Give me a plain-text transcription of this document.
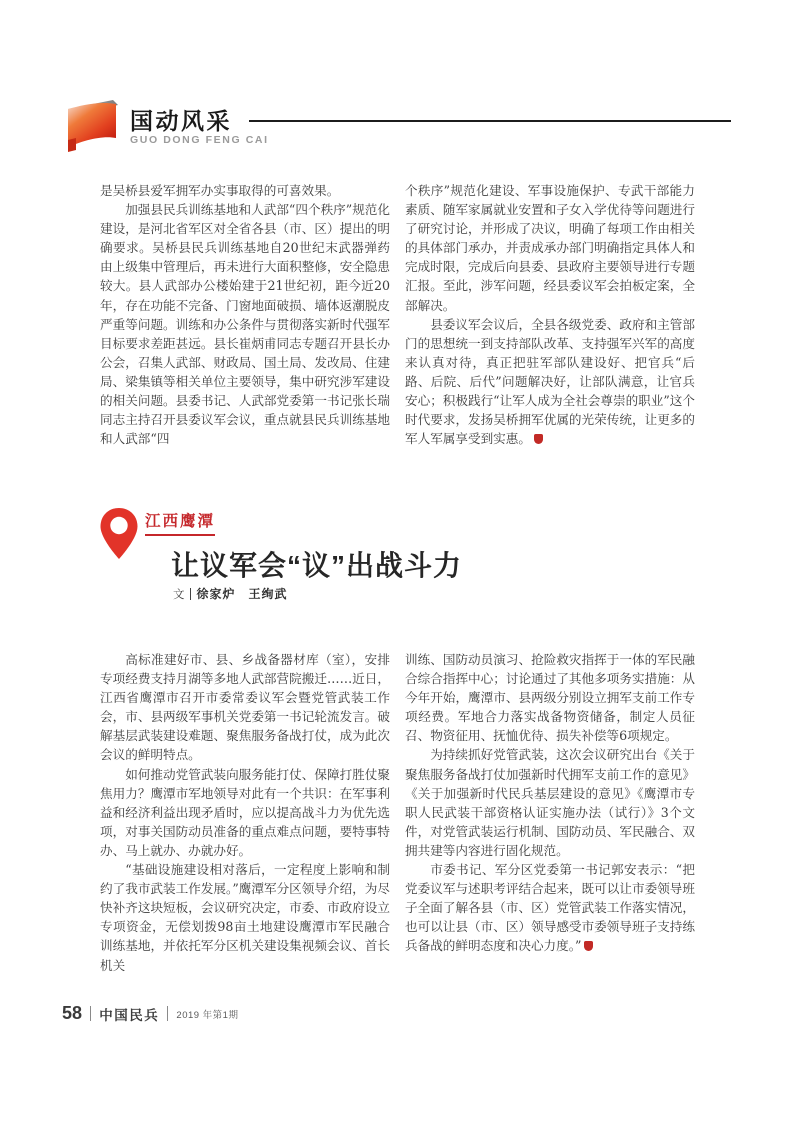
国动风采
GUO DONG FENG CAI

是吴桥县爱军拥军办实事取得的可喜效果。

加强县民兵训练基地和人武部“四个秩序”规范化建设，是河北省军区对全省各县（市、区）提出的明确要求。吴桥县民兵训练基地自20世纪末武器弹药由上级集中管理后，再未进行大面积整修，安全隐患较大。县人武部办公楼始建于21世纪初，距今近20年，存在功能不完备、门窗地面破损、墙体返潮脱皮严重等问题。训练和办公条件与贯彻落实新时代强军目标要求差距甚远。县长崔炳甫同志专题召开县长办公会，召集人武部、财政局、国土局、发改局、住建局、梁集镇等相关单位主要领导，集中研究涉军建设的相关问题。县委书记、人武部党委第一书记张长瑞同志主持召开县委议军会议，重点就县民兵训练基地和人武部“四

个秩序”规范化建设、军事设施保护、专武干部能力素质、随军家属就业安置和子女入学优待等问题进行了研究讨论，并形成了决议，明确了每项工作由相关的具体部门承办，并责成承办部门明确指定具体人和完成时限，完成后向县委、县政府主要领导进行专题汇报。至此，涉军问题，经县委议军会拍板定案，全部解决。

县委议军会议后，全县各级党委、政府和主管部门的思想统一到支持部队改革、支持强军兴军的高度来认真对待，真正把驻军部队建设好、把官兵“后路、后院、后代”问题解决好，让部队满意，让官兵安心；积极践行“让军人成为全社会尊崇的职业”这个时代要求，发扬吴桥拥军优属的光荣传统，让更多的军人军属享受到实惠。

江西鹰潭
让议军会“议”出战斗力
文 徐家炉　王绚武

高标准建好市、县、乡战备器材库（室），安排专项经费支持月湖等多地人武部营院搬迁……近日，江西省鹰潭市召开市委常委议军会暨党管武装工作会，市、县两级军事机关党委第一书记轮流发言。破解基层武装建设难题、聚焦服务备战打仗，成为此次会议的鲜明特点。

如何推动党管武装向服务能打仗、保障打胜仗聚焦用力？鹰潭市军地领导对此有一个共识：在军事利益和经济利益出现矛盾时，应以提高战斗力为优先选项，对事关国防动员准备的重点难点问题，要特事特办、马上就办、办就办好。

“基础设施建设相对落后，一定程度上影响和制约了我市武装工作发展。”鹰潭军分区领导介绍，为尽快补齐这块短板，会议研究决定，市委、市政府设立专项资金，无偿划拨98亩土地建设鹰潭市军民融合训练基地，并依托军分区机关建设集视频会议、首长机关

训练、国防动员演习、抢险救灾指挥于一体的军民融合综合指挥中心；讨论通过了其他多项务实措施：从今年开始，鹰潭市、县两级分别设立拥军支前工作专项经费。军地合力落实战备物资储备，制定人员征召、物资征用、抚恤优待、损失补偿等6项规定。

为持续抓好党管武装，这次会议研究出台《关于聚焦服务备战打仗加强新时代拥军支前工作的意见》《关于加强新时代民兵基层建设的意见》《鹰潭市专职人民武装干部资格认证实施办法（试行）》3个文件，对党管武装运行机制、国防动员、军民融合、双拥共建等内容进行固化规范。

市委书记、军分区党委第一书记郭安表示：“把党委议军与述职考评结合起来，既可以让市委领导班子全面了解各县（市、区）党管武装工作落实情况，也可以让县（市、区）领导感受市委领导班子支持练兵备战的鲜明态度和决心力度。”

58 中国民兵 2019 年第1期
